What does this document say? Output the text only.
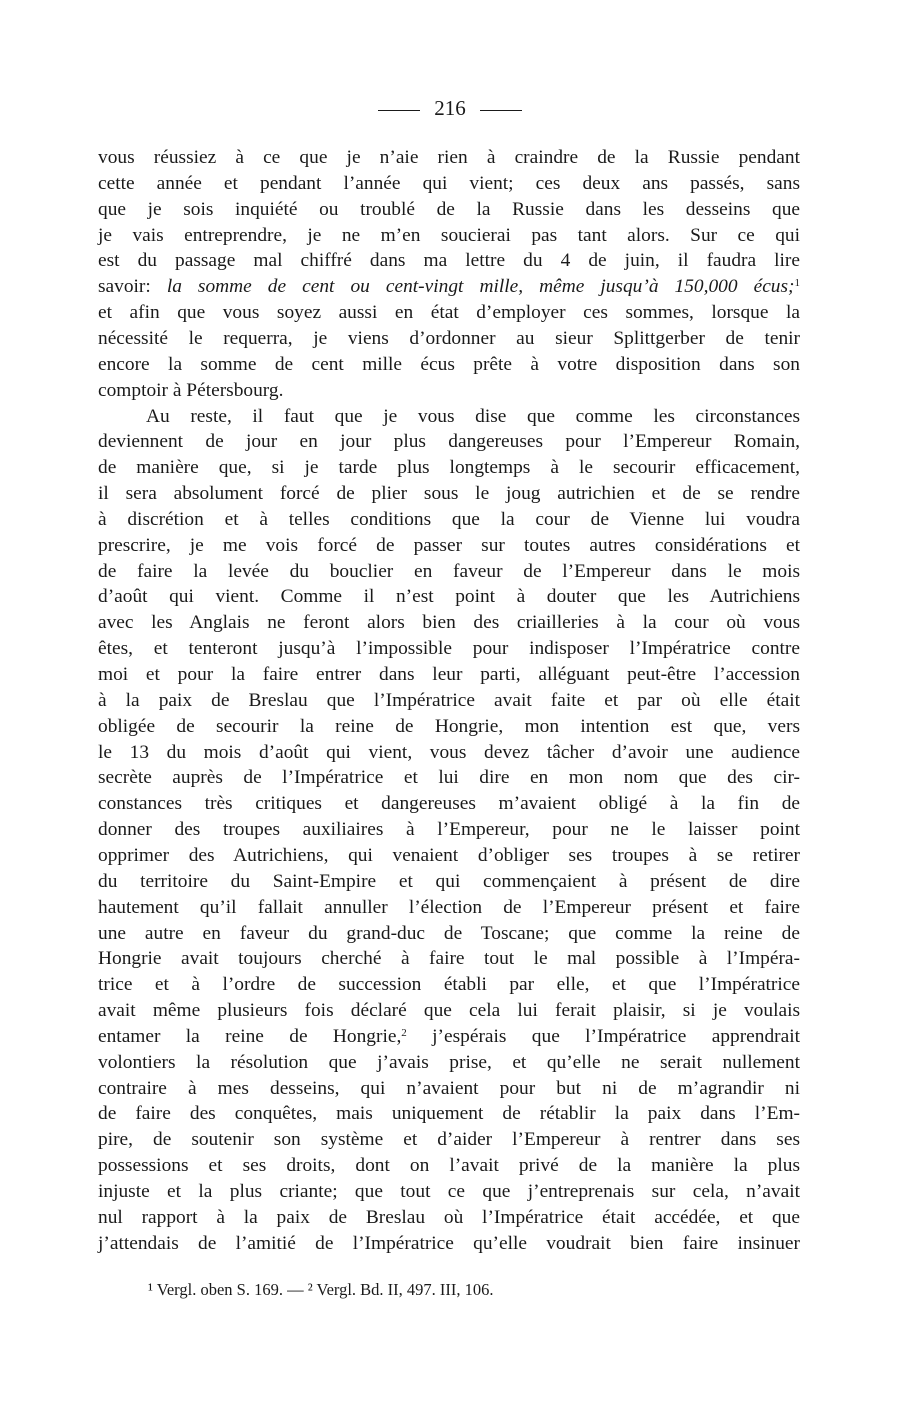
216
vous réussiez à ce que je n’aie rien à craindre de la Russie pendant
cette année et pendant l’année qui vient; ces deux ans passés, sans
que je sois inquiété ou troublé de la Russie dans les desseins que
je vais entreprendre, je ne m’en soucierai pas tant alors. Sur ce qui
est du passage mal chiffré dans ma lettre du 4 de juin, il faudra lire
savoir: la somme de cent ou cent-vingt mille, même jusqu’à 150,000 écus;$^1$
et afin que vous soyez aussi en état d’employer ces sommes, lorsque la
nécessité le requerra, je viens d’ordonner au sieur Splittgerber de tenir
encore la somme de cent mille écus prête à votre disposition dans son
comptoir à Pétersbourg.
Au reste, il faut que je vous dise que comme les circonstances
deviennent de jour en jour plus dangereuses pour l’Empereur Romain,
de manière que, si je tarde plus longtemps à le secourir efficacement,
il sera absolument forcé de plier sous le joug autrichien et de se rendre
à discrétion et à telles conditions que la cour de Vienne lui voudra
prescrire, je me vois forcé de passer sur toutes autres considérations et
de faire la levée du bouclier en faveur de l’Empereur dans le mois
d’août qui vient. Comme il n’est point à douter que les Autrichiens
avec les Anglais ne feront alors bien des criailleries à la cour où vous
êtes, et tenteront jusqu’à l’impossible pour indisposer l’Impératrice contre
moi et pour la faire entrer dans leur parti, alléguant peut-être l’accession
à la paix de Breslau que l’Impératrice avait faite et par où elle était
obligée de secourir la reine de Hongrie, mon intention est que, vers
le 13 du mois d’août qui vient, vous devez tâcher d’avoir une audience
secrète auprès de l’Impératrice et lui dire en mon nom que des cir-
constances très critiques et dangereuses m’avaient obligé à la fin de
donner des troupes auxiliaires à l’Empereur, pour ne le laisser point
opprimer des Autrichiens, qui venaient d’obliger ses troupes à se retirer
du territoire du Saint-Empire et qui commençaient à présent de dire
hautement qu’il fallait annuller l’élection de l’Empereur présent et faire
une autre en faveur du grand-duc de Toscane; que comme la reine de
Hongrie avait toujours cherché à faire tout le mal possible à l’Impéra-
trice et à l’ordre de succession établi par elle, et que l’Impératrice
avait même plusieurs fois déclaré que cela lui ferait plaisir, si je voulais
entamer la reine de Hongrie,$^2$ j’espérais que l’Impératrice apprendrait
volontiers la résolution que j’avais prise, et qu’elle ne serait nullement
contraire à mes desseins, qui n’avaient pour but ni de m’agrandir ni
de faire des conquêtes, mais uniquement de rétablir la paix dans l’Em-
pire, de soutenir son système et d’aider l’Empereur à rentrer dans ses
possessions et ses droits, dont on l’avait privé de la manière la plus
injuste et la plus criante; que tout ce que j’entreprenais sur cela, n’avait
nul rapport à la paix de Breslau où l’Impératrice était accédée, et que
j’attendais de l’amitié de l’Impératrice qu’elle voudrait bien faire insinuer
¹ Vergl. oben S. 169. — ² Vergl. Bd. II, 497. III, 106.
